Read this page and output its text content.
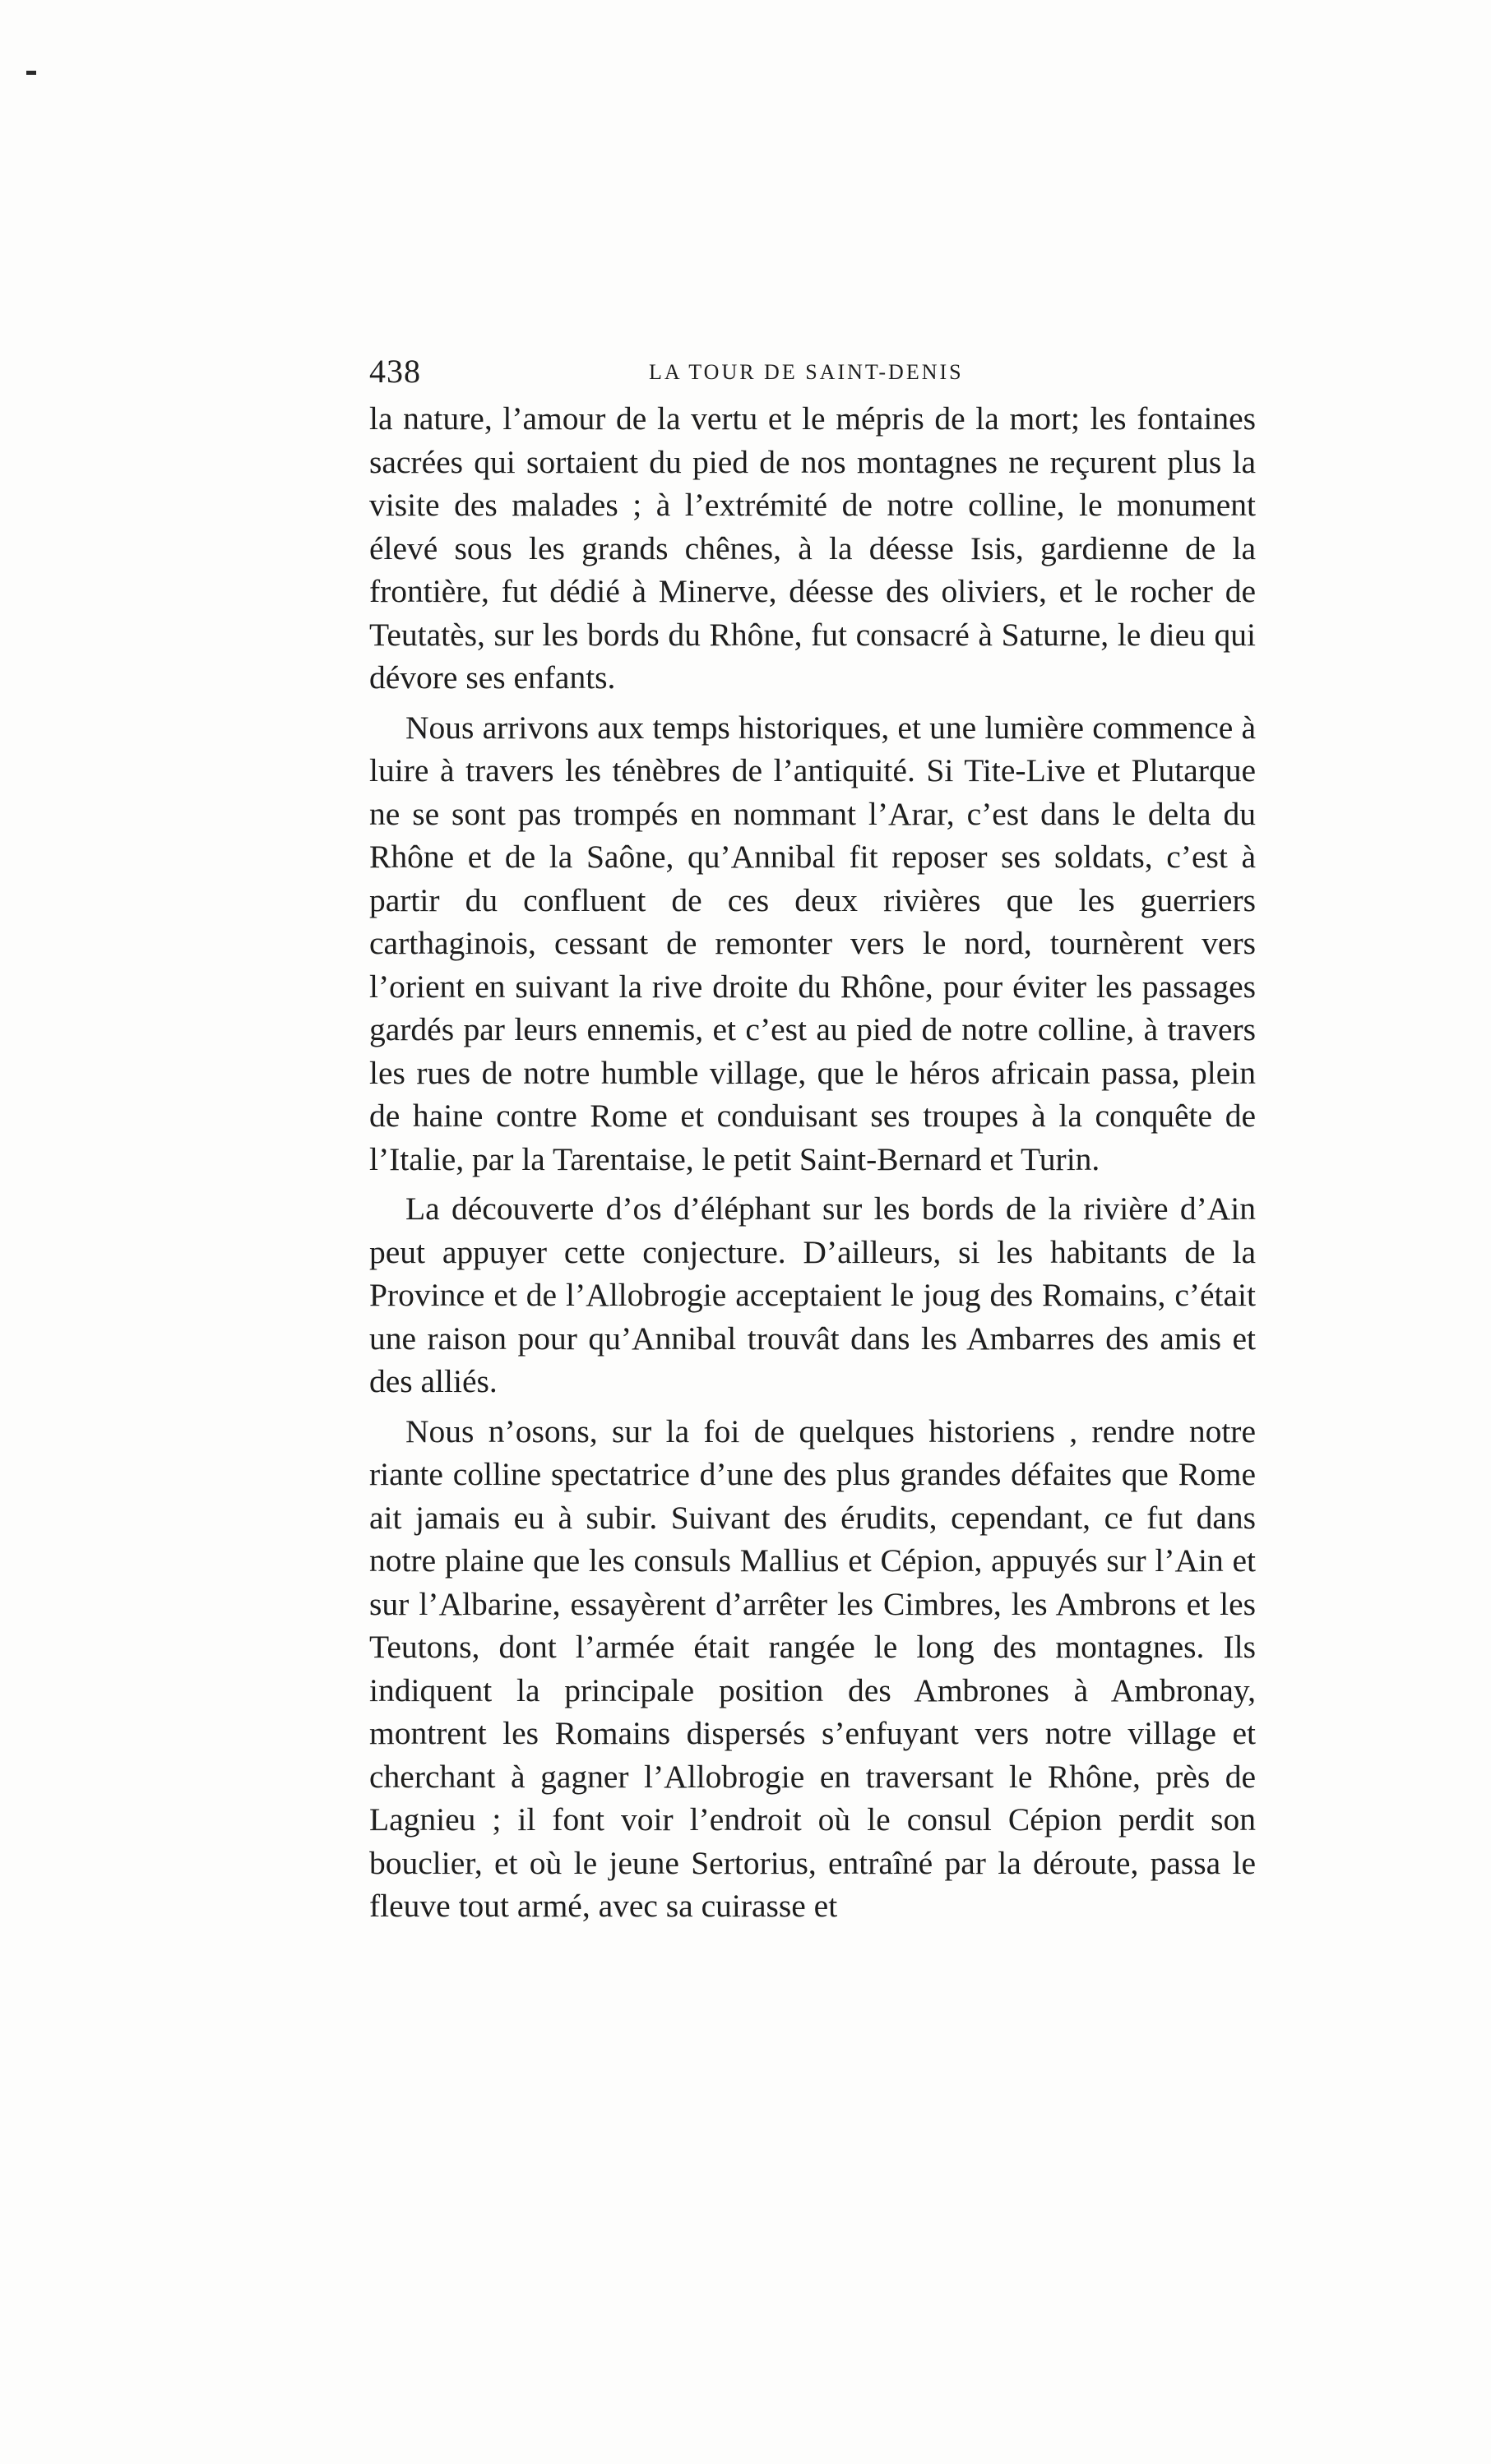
438	LA TOUR DE SAINT-DENIS

la nature, l’amour de la vertu et le mépris de la mort; les fontaines sacrées qui sortaient du pied de nos montagnes ne reçurent plus la visite des malades ; à l’extrémité de notre colline, le monument élevé sous les grands chênes, à la déesse Isis, gardienne de la frontière, fut dédié à Minerve, déesse des oliviers, et le rocher de Teutatès, sur les bords du Rhône, fut consacré à Saturne, le dieu qui dévore ses enfants.

Nous arrivons aux temps historiques, et une lumière commence à luire à travers les ténèbres de l’antiquité. Si Tite-Live et Plutarque ne se sont pas trompés en nommant l’Arar, c’est dans le delta du Rhône et de la Saône, qu’Annibal fit reposer ses soldats, c’est à partir du confluent de ces deux rivières que les guerriers carthaginois, cessant de remonter vers le nord, tournèrent vers l’orient en suivant la rive droite du Rhône, pour éviter les passages gardés par leurs ennemis, et c’est au pied de notre colline, à travers les rues de notre humble village, que le héros africain passa, plein de haine contre Rome et conduisant ses troupes à la conquête de l’Italie, par la Tarentaise, le petit Saint-Bernard et Turin.

La découverte d’os d’éléphant sur les bords de la rivière d’Ain peut appuyer cette conjecture. D’ailleurs, si les habitants de la Province et de l’Allobrogie acceptaient le joug des Romains, c’était une raison pour qu’Annibal trouvât dans les Ambarres des amis et des alliés.

Nous n’osons, sur la foi de quelques historiens , rendre notre riante colline spectatrice d’une des plus grandes défaites que Rome ait jamais eu à subir. Suivant des érudits, cependant, ce fut dans notre plaine que les consuls Mallius et Cépion, appuyés sur l’Ain et sur l’Albarine, essayèrent d’arrêter les Cimbres, les Ambrons et les Teutons, dont l’armée était rangée le long des montagnes. Ils indiquent la principale position des Ambrones à Ambronay, montrent les Romains dispersés s’enfuyant vers notre village et cherchant à gagner l’Allobrogie en traversant le Rhône, près de Lagnieu ; il font voir l’endroit où le consul Cépion perdit son bouclier, et où le jeune Sertorius, entraîné par la déroute, passa le fleuve tout armé, avec sa cuirasse et
